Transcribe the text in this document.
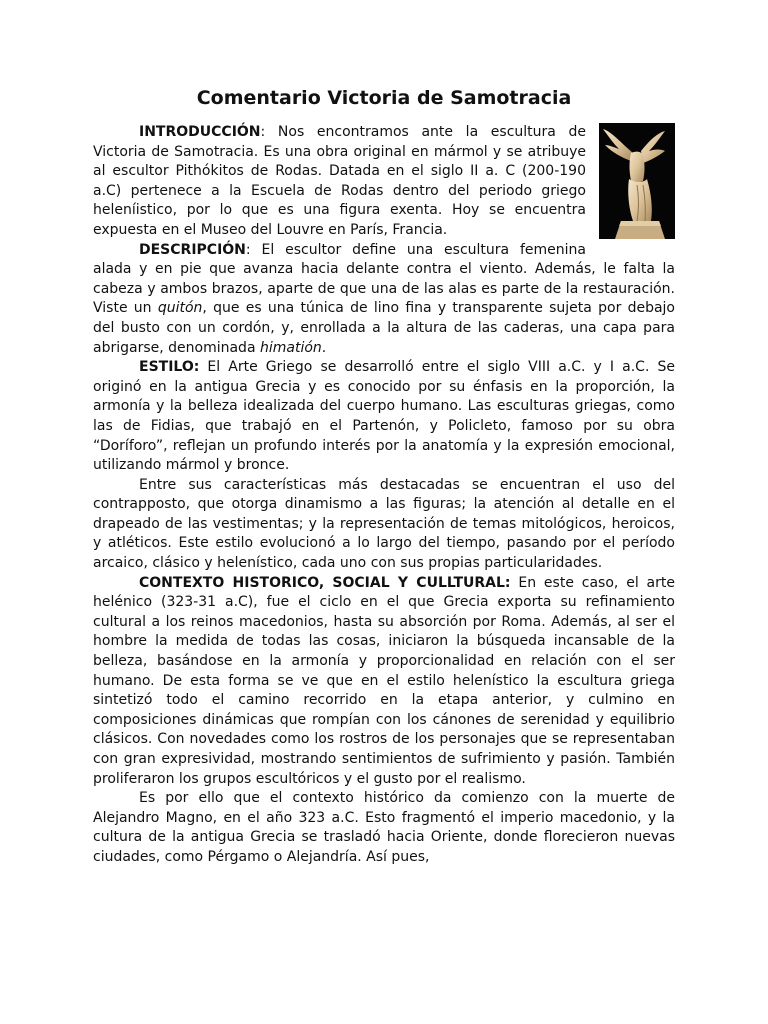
Comentario Victoria de Samotracia

INTRODUCCIÓN: Nos encontramos ante la escultura de Victoria de Samotracia. Es una obra original en mármol y se atribuye al escultor Pithókitos de Rodas. Datada en el siglo II a. C (200-190 a.C) pertenece a la Escuela de Rodas dentro del periodo griego heleníistico, por lo que es una figura exenta. Hoy se encuentra expuesta en el Museo del Louvre en París, Francia.

DESCRIPCIÓN: El escultor define una escultura femenina alada y en pie que avanza hacia delante contra el viento. Además, le falta la cabeza y ambos brazos, aparte de que una de las alas es parte de la restauración. Viste un quitón, que es una túnica de lino fina y transparente sujeta por debajo del busto con un cordón, y, enrollada a la altura de las caderas, una capa para abrigarse, denominada himatión.

ESTILO: El Arte Griego se desarrolló entre el siglo VIII a.C. y I a.C. Se originó en la antigua Grecia y es conocido por su énfasis en la proporción, la armonía y la belleza idealizada del cuerpo humano. Las esculturas griegas, como las de Fidias, que trabajó en el Partenón, y Policleto, famoso por su obra “Doríforo”, reflejan un profundo interés por la anatomía y la expresión emocional, utilizando mármol y bronce.

Entre sus características más destacadas se encuentran el uso del contrapposto, que otorga dinamismo a las figuras; la atención al detalle en el drapeado de las vestimentas; y la representación de temas mitológicos, heroicos, y atléticos. Este estilo evolucionó a lo largo del tiempo, pasando por el período arcaico, clásico y helenístico, cada uno con sus propias particularidades.

CONTEXTO HISTORICO, SOCIAL Y CULLTURAL: En este caso, el arte helénico (323-31 a.C), fue el ciclo en el que Grecia exporta su refinamiento cultural a los reinos macedonios, hasta su absorción por Roma. Además, al ser el hombre la medida de todas las cosas, iniciaron la búsqueda incansable de la belleza, basándose en la armonía y proporcionalidad en relación con el ser humano. De esta forma se ve que en el estilo helenístico la escultura griega sintetizó todo el camino recorrido en la etapa anterior, y culmino en composiciones dinámicas que rompían con los cánones de serenidad y equilibrio clásicos. Con novedades como los rostros de los personajes que se representaban con gran expresividad, mostrando sentimientos de sufrimiento y pasión. También proliferaron los grupos escultóricos y el gusto por el realismo.

Es por ello que el contexto histórico da comienzo con la muerte de Alejandro Magno, en el año 323 a.C. Esto fragmentó el imperio macedonio, y la cultura de la antigua Grecia se trasladó hacia Oriente, donde florecieron nuevas ciudades, como Pérgamo o Alejandría. Así pues,
